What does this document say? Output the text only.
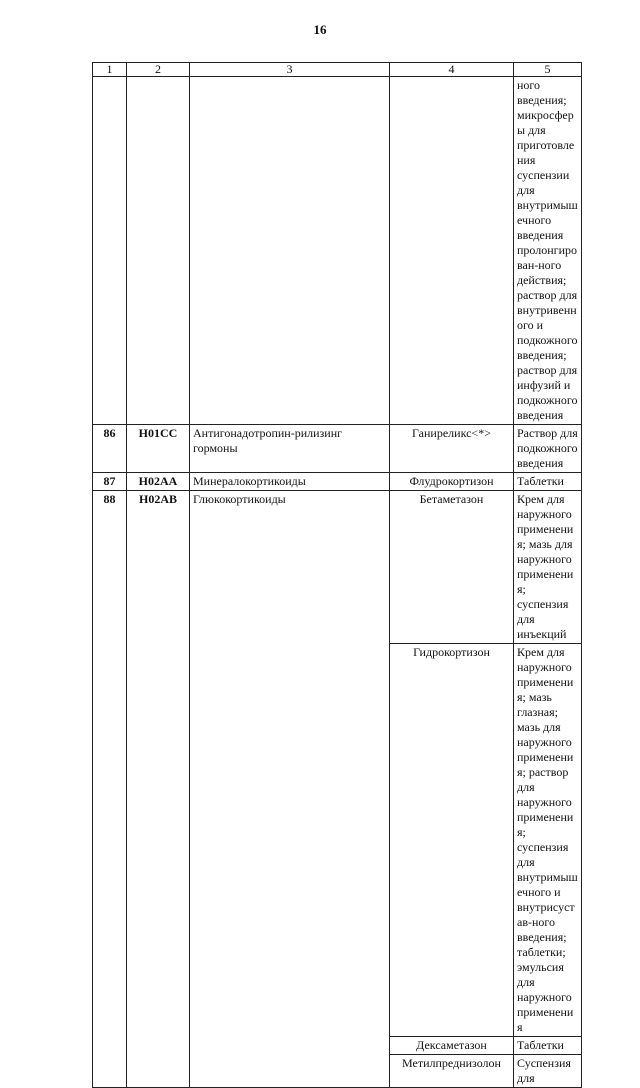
16
1	2	3	4	5
				ного введения; микросферы для приготовления суспензии для внутримышечного введения пролонгирован-ного действия; раствор для внутривенного и подкожного введения; раствор для инфузий и подкожного введения
86	H01CC	Антигонадотропин-рилизинг гормоны	Ганиреликс<*>	Раствор для подкожного введения
87	H02AA	Минералокортикоиды	Флудрокортизон	Таблетки
88	H02AB	Глюкокортикоиды	Бетаметазон	Крем для наружного применения; мазь для наружного применения; суспензия для инъекций
			Гидрокортизон	Крем для наружного применения; мазь глазная; мазь для наружного применения; раствор для наружного применения; суспензия для внутримышечного и внутрисустав-ного введения; таблетки; эмульсия для наружного применения
			Дексаметазон	Таблетки
			Метилпреднизолон	Суспензия для
